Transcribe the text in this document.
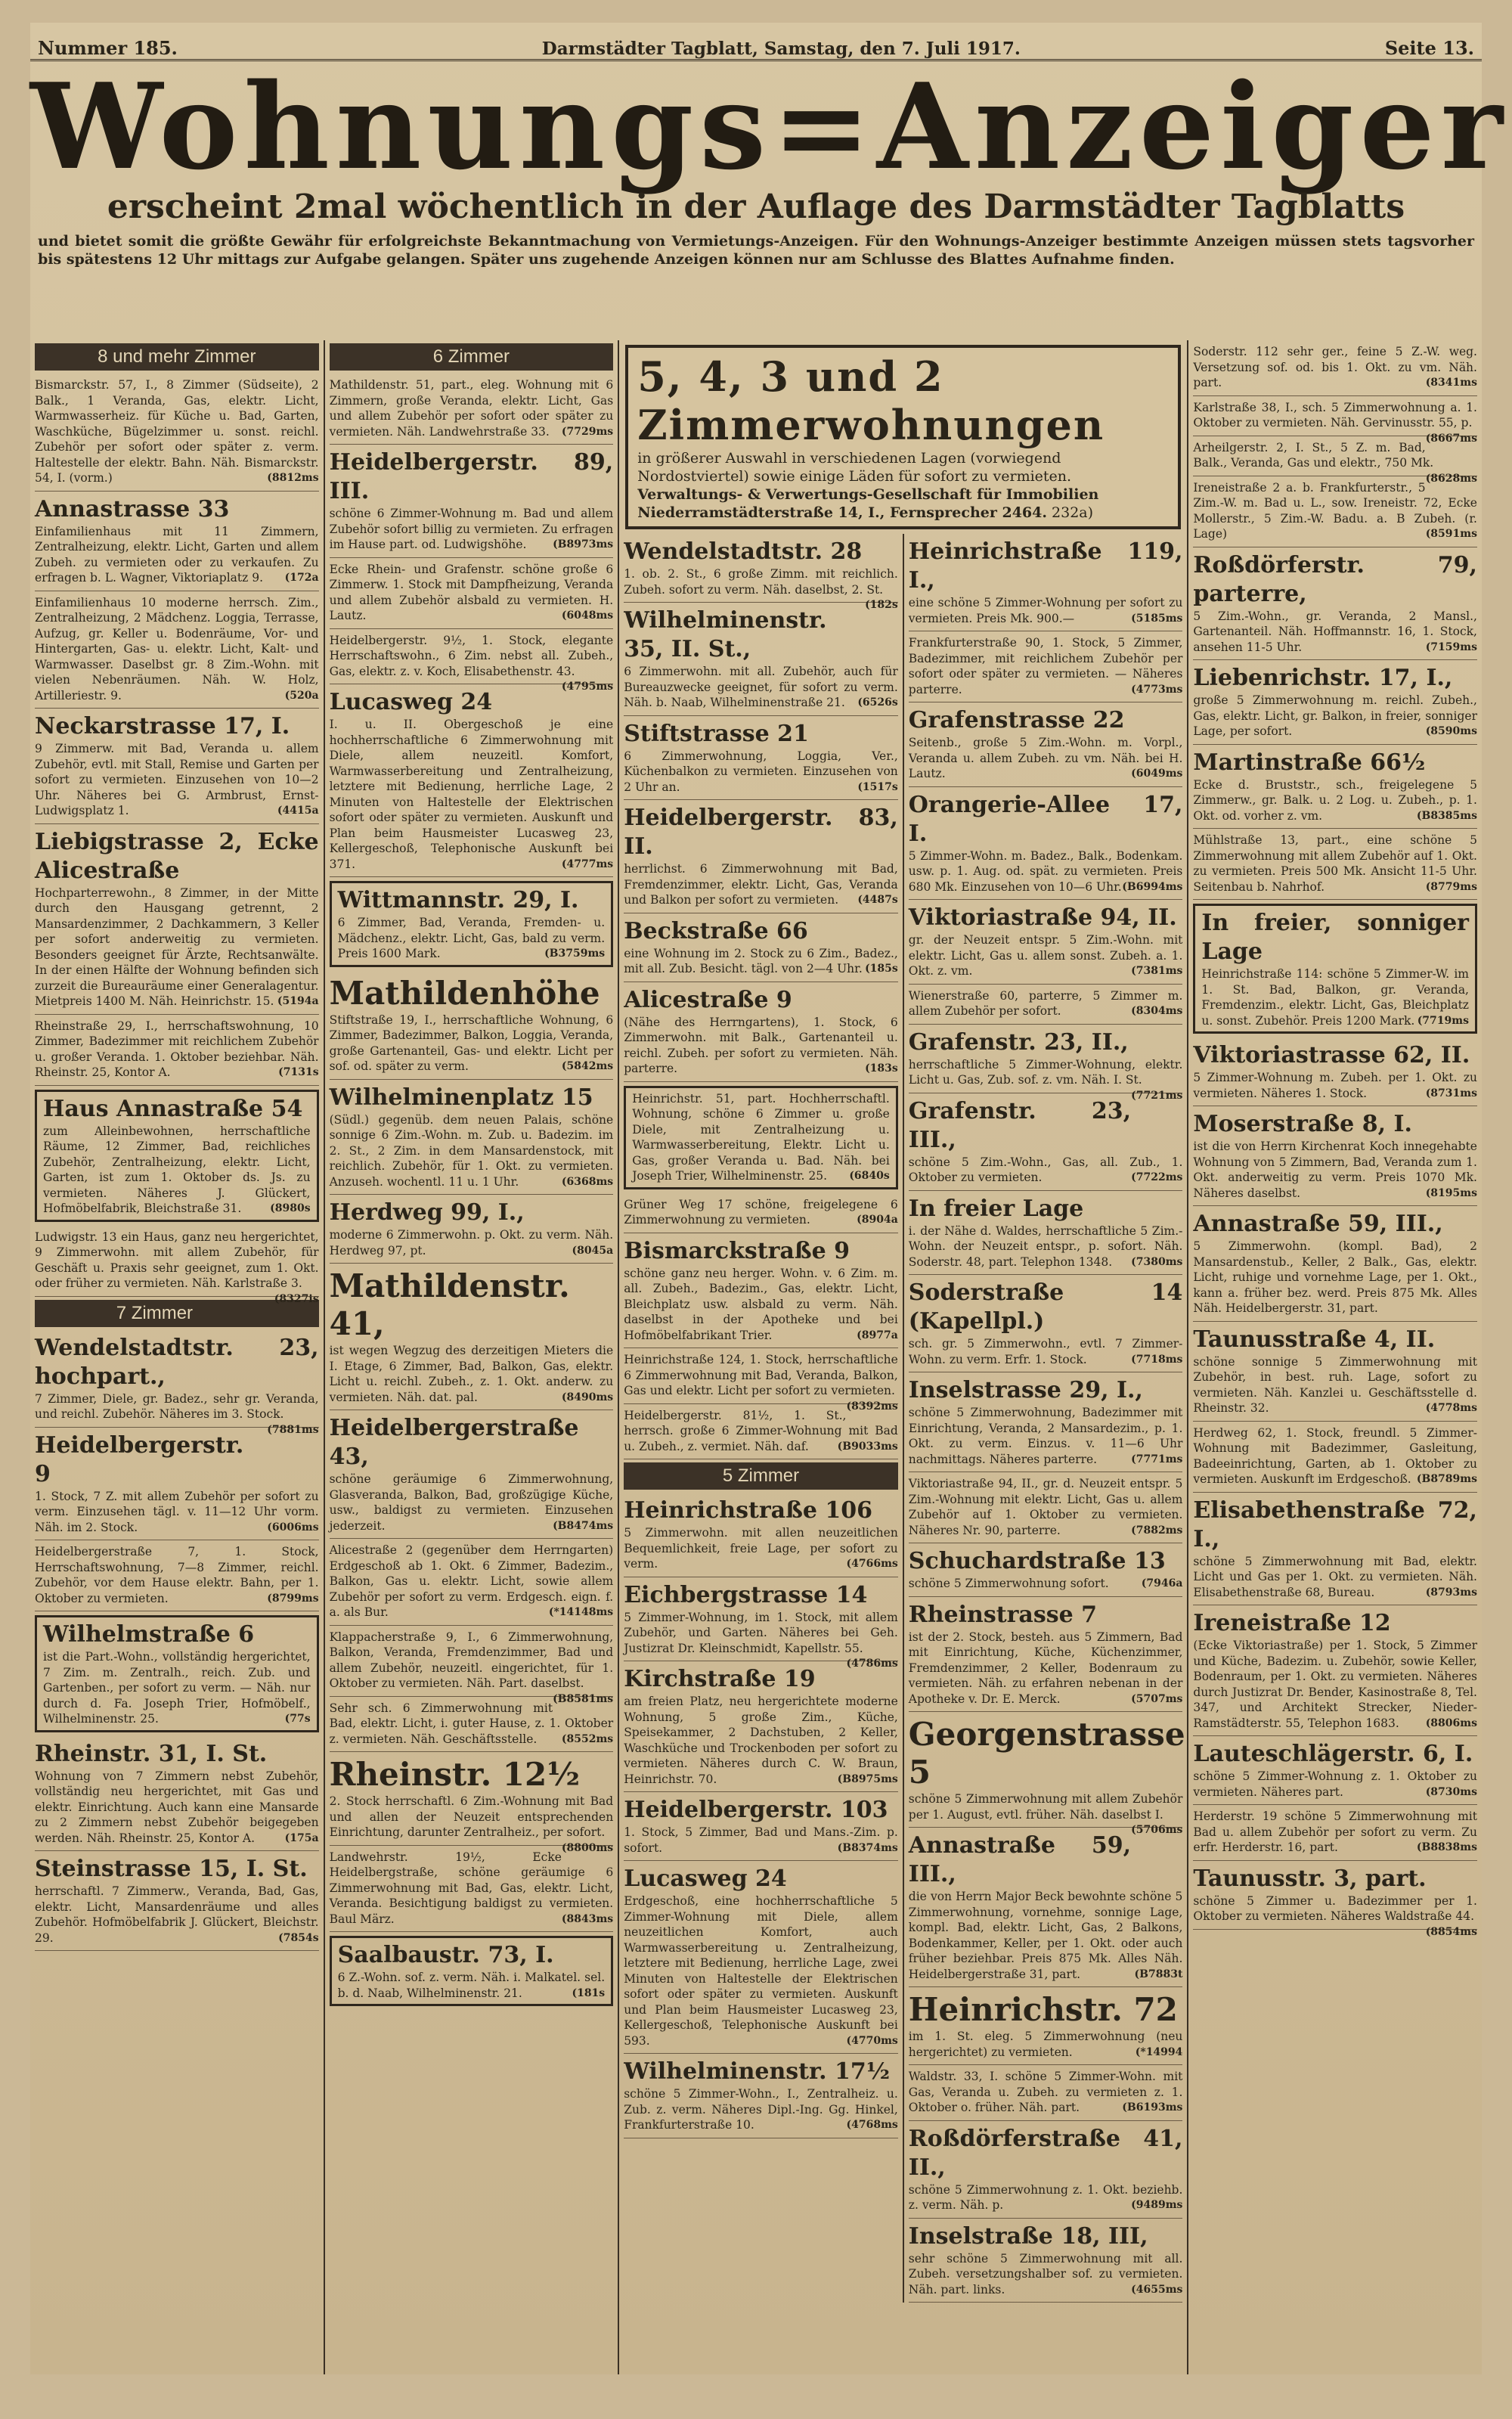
Nummer 185.	Darmstädter Tagblatt, Samstag, den 7. Juli 1917.	Seite 13.
Wohnungs=Anzeiger
erscheint 2mal wöchentlich in der Auflage des Darmstädter Tagblatts
und bietet somit die größte Gewähr für erfolgreichste Bekanntmachung von Vermietungs-Anzeigen. Für den Wohnungs-Anzeiger bestimmte Anzeigen müssen stets tagsvorher bis spätestens 12 Uhr mittags zur Aufgabe gelangen. Später uns zugehende Anzeigen können nur am Schlusse des Blattes Aufnahme finden.
8 und mehr Zimmer
Bismarckstr. 57, I., 8 Zimmer (Südseite), 2 Balk., 1 Veranda, Gas, elektr. Licht, Warmwasserheiz. für Küche u. Bad, Garten, Waschküche, Bügelzimmer u. sonst. reichl. Zubehör per sofort oder später z. verm. Haltestelle der elektr. Bahn. Näh. Bismarckstr. 54, I. (vorm.)	(8812ms
Annastrasse 33
Einfamilienhaus mit 11 Zimmern, Zentralheizung, elektr. Licht, Garten und allem Zubeh. zu vermieten oder zu verkaufen. Zu erfragen b. L. Wagner, Viktoriaplatz 9. (172a
Einfamilienhaus 10 moderne herrsch. Zim., Zentralheizung, 2 Mädchenz. Loggia, Terrasse, Aufzug, gr. Keller u. Bodenräume, Vor- und Hintergarten, Gas- u. elektr. Licht, Kalt- und Warmwasser. Daselbst gr. 8 Zim.-Wohn. mit vielen Nebenräumen. Näh. W. Holz, Artilleriestr. 9.	(520a
Neckarstrasse 17, I.
9 Zimmerw. mit Bad, Veranda u. allem Zubehör, evtl. mit Stall, Remise und Garten per sofort zu vermieten. Einzusehen von 10—2 Uhr. Näheres bei G. Armbrust, Ernst-Ludwigsplatz 1.	(4415a
Liebigstrasse 2, Ecke Alicestraße
Hochparterrewohn., 8 Zimmer, in der Mitte durch den Hausgang getrennt, 2 Mansardenzimmer, 2 Dachkammern, 3 Keller per sofort anderweitig zu vermieten. Besonders geeignet für Ärzte, Rechtsanwälte. In der einen Hälfte der Wohnung befinden sich zurzeit die Bureauräume einer Generalagentur. Mietpreis 1400 M. Näh. Heinrichstr. 15. (5194a
Rheinstraße 29, I., herrschaftswohnung, 10 Zimmer, Badezimmer mit reichlichem Zubehör u. großer Veranda. 1. Oktober beziehbar. Näh. Rheinstr. 25, Kontor A.	(7131s
Haus Annastraße 54
zum Alleinbewohnen, herrschaftliche Räume, 12 Zimmer, Bad, reichliches Zubehör, Zentralheizung, elektr. Licht, Garten, ist zum 1. Oktober ds. Js. zu vermieten. Näheres J. Glückert, Hofmöbelfabrik, Bleichstraße 31.	(8980s
Ludwigstr. 13 ein Haus, ganz neu hergerichtet, 9 Zimmerwohn. mit allem Zubehör, für Geschäft u. Praxis sehr geeignet, zum 1. Okt. oder früher zu vermieten. Näh. Karlstraße 3.
(8327is
7 Zimmer
Wendelstadtstr. 23, hochpart.,
7 Zimmer, Diele, gr. Badez., sehr gr. Veranda, und reichl. Zubehör. Näheres im 3. Stock.
(7881ms
Heidelbergerstr. 9
1. Stock, 7 Z. mit allem Zubehör per sofort zu verm. Einzusehen tägl. v. 11—12 Uhr vorm. Näh. im 2. Stock.	(6006ms
Heidelbergerstraße 7, 1. Stock, Herrschaftswohnung, 7—8 Zimmer, reichl. Zubehör, vor dem Hause elektr. Bahn, per 1. Oktober zu vermieten.	(8799ms
Wilhelmstraße 6
ist die Part.-Wohn., vollständig hergerichtet, 7 Zim. m. Zentralh., reich. Zub. und Gartenben., per sofort zu verm. — Näh. nur durch d. Fa. Joseph Trier, Hofmöbelf., Wilhelminenstr. 25.	(77s
Rheinstr. 31, I. St.
Wohnung von 7 Zimmern nebst Zubehör, vollständig neu hergerichtet, mit Gas und elektr. Einrichtung. Auch kann eine Mansarde zu 2 Zimmern nebst Zubehör beigegeben werden. Näh. Rheinstr. 25, Kontor A.	(175a
Steinstrasse 15, I. St.
herrschaftl. 7 Zimmerw., Veranda, Bad, Gas, elektr. Licht, Mansardenräume und alles Zubehör. Hofmöbelfabrik J. Glückert, Bleichstr. 29.	(7854s
6 Zimmer
Mathildenstr. 51, part., eleg. Wohnung mit 6 Zimmern, große Veranda, elektr. Licht, Gas und allem Zubehör per sofort oder später zu vermieten. Näh. Landwehrstraße 33. (7729ms
Heidelbergerstr. 89, III.
schöne 6 Zimmer-Wohnung m. Bad und allem Zubehör sofort billig zu vermieten. Zu erfragen im Hause part. od. Ludwigshöhe. (B8973ms
Ecke Rhein- und Grafenstr. schöne große 6 Zimmerw. 1. Stock mit Dampfheizung, Veranda und allem Zubehör alsbald zu vermieten. H. Lautz.	(6048ms
Heidelbergerstr. 9½, 1. Stock, elegante Herrschaftswohn., 6 Zim. nebst all. Zubeh., Gas, elektr. z. v. Koch, Elisabethenstr. 43.
(4795ms
Lucasweg 24
I. u. II. Obergeschoß je eine hochherrschaftliche 6 Zimmerwohnung mit Diele, allem neuzeitl. Komfort, Warmwasserbereitung und Zentralheizung, letztere mit Bedienung, herrliche Lage, 2 Minuten von Haltestelle der Elektrischen sofort oder später zu vermieten. Auskunft und Plan beim Hausmeister Lucasweg 23, Kellergeschoß, Telephonische Auskunft bei 371.	(4777ms
Wittmannstr. 29, I.
6 Zimmer, Bad, Veranda, Fremden- u. Mädchenz., elektr. Licht, Gas, bald zu verm. Preis 1600 Mark.	(B3759ms
Mathildenhöhe
Stiftstraße 19, I., herrschaftliche Wohnung, 6 Zimmer, Badezimmer, Balkon, Loggia, Veranda, große Gartenanteil, Gas- und elektr. Licht per sof. od. später zu verm.	(5842ms
Wilhelminenplatz 15
(Südl.) gegenüb. dem neuen Palais, schöne sonnige 6 Zim.-Wohn. m. Zub. u. Badezim. im 2. St., 2 Zim. in dem Mansardenstock, mit reichlich. Zubehör, für 1. Okt. zu vermieten. Anzuseh. wochentl. 11 u. 1 Uhr.	(6368ms
Herdweg 99, I.,
moderne 6 Zimmerwohn. p. Okt. zu verm. Näh. Herdweg 97, pt.	(8045a
Mathildenstr. 41,
ist wegen Wegzug des derzeitigen Mieters die I. Etage, 6 Zimmer, Bad, Balkon, Gas, elektr. Licht u. reichl. Zubeh., z. 1. Okt. anderw. zu vermieten. Näh. dat. pal.	(8490ms
Heidelbergerstraße 43,
schöne geräumige 6 Zimmerwohnung, Glasveranda, Balkon, Bad, großzügige Küche, usw., baldigst zu vermieten. Einzusehen jederzeit.	(B8474ms
Alicestraße 2 (gegenüber dem Herrngarten) Erdgeschoß ab 1. Okt. 6 Zimmer, Badezim., Balkon, Gas u. elektr. Licht, sowie allem Zubehör per sofort zu verm. Erdgesch. eign. f. a. als Bur.	(*14148ms
Klappacherstraße 9, I., 6 Zimmerwohnung, Balkon, Veranda, Fremdenzimmer, Bad und allem Zubehör, neuzeitl. eingerichtet, für 1. Oktober zu vermieten. Näh. Part. daselbst.
(B8581ms
Sehr sch. 6 Zimmerwohnung mit Bad, elektr. Licht, i. guter Hause, z. 1. Oktober z. vermieten. Näh. Geschäftsstelle. (8552ms
Rheinstr. 12½
2. Stock herrschaftl. 6 Zim.-Wohnung mit Bad und allen der Neuzeit entsprechenden Einrichtung, darunter Zentralheiz., per sofort.
(8800ms
Landwehrstr. 19½, Ecke Heidelbergstraße, schöne geräumige 6 Zimmerwohnung mit Bad, Gas, elektr. Licht, Veranda. Besichtigung baldigst zu vermieten. Baul März.	(8843ms
Saalbaustr. 73, I.
6 Z.-Wohn. sof. z. verm. Näh. i. Malkatel. sel. b. d. Naab, Wilhelminenstr. 21.	(181s
5, 4, 3 und 2 Zimmerwohnungen
in größerer Auswahl in verschiedenen Lagen (vorwiegend Nordostviertel) sowie einige Läden für sofort zu vermieten. Verwaltungs- & Verwertungs-Gesellschaft für Immobilien Niederramstädterstraße 14, I., Fernsprecher 2464. 232a)
Wendelstadtstr. 28
1. ob. 2. St., 6 große Zimm. mit reichlich. Zubeh. sofort zu verm. Näh. daselbst, 2. St.
(182s
Wilhelminenstr. 35, II. St.,
6 Zimmerwohn. mit all. Zubehör, auch für Bureauzwecke geeignet, für sofort zu verm. Näh. b. Naab, Wilhelminenstraße 21. (6526s
Stiftstrasse 21
6 Zimmerwohnung, Loggia, Ver., Küchenbalkon zu vermieten. Einzusehen von 2 Uhr an.	(1517s
Heidelbergerstr. 83, II.
herrlichst. 6 Zimmerwohnung mit Bad, Fremdenzimmer, elektr. Licht, Gas, Veranda und Balkon per sofort zu vermieten. (4487s
Beckstraße 66
eine Wohnung im 2. Stock zu 6 Zim., Badez., mit all. Zub. Besicht. tägl. von 2—4 Uhr. (185s
Alicestraße 9
(Nähe des Herrngartens), 1. Stock, 6 Zimmerwohn. mit Balk., Gartenanteil u. reichl. Zubeh. per sofort zu vermieten. Näh. parterre.	(183s
Heinrichstr. 51, part. Hochherrschaftl. Wohnung, schöne 6 Zimmer u. große Diele, mit Zentralheizung u. Warmwasserbereitung, Elektr. Licht u. Gas, großer Veranda u. Bad. Näh. bei Joseph Trier, Wilhelminenstr. 25. (6840s
Grüner Weg 17 schöne, freigelegene 6 Zimmerwohnung zu vermieten.	(8904a
Bismarckstraße 9
schöne ganz neu herger. Wohn. v. 6 Zim. m. all. Zubeh., Badezim., Gas, elektr. Licht, Bleichplatz usw. alsbald zu verm. Näh. daselbst in der Apotheke und bei Hofmöbelfabrikant Trier.	(8977a
Heinrichstraße 124, 1. Stock, herrschaftliche 6 Zimmerwohnung mit Bad, Veranda, Balkon, Gas und elektr. Licht per sofort zu vermieten.
(8392ms
Heidelbergerstr. 81½, 1. St., herrsch. große 6 Zimmer-Wohnung mit Bad u. Zubeh., z. vermiet. Näh. daf.	(B9033ms
5 Zimmer
Heinrichstraße 106
5 Zimmerwohn. mit allen neuzeitlichen Bequemlichkeit, freie Lage, per sofort zu verm.	(4766ms
Eichbergstrasse 14
5 Zimmer-Wohnung, im 1. Stock, mit allem Zubehör, und Garten. Näheres bei Geh. Justizrat Dr. Kleinschmidt, Kapellstr. 55.
(4786ms
Kirchstraße 19
am freien Platz, neu hergerichtete moderne Wohnung, 5 große Zim., Küche, Speisekammer, 2 Dachstuben, 2 Keller, Waschküche und Trockenboden per sofort zu vermieten. Näheres durch C. W. Braun, Heinrichstr. 70.	(B8975ms
Heidelbergerstr. 103
1. Stock, 5 Zimmer, Bad und Mans.-Zim. p. sofort.	(B8374ms
Lucasweg 24
Erdgeschoß, eine hochherrschaftliche 5 Zimmer-Wohnung mit Diele, allem neuzeitlichen Komfort, auch Warmwasserbereitung u. Zentralheizung, letztere mit Bedienung, herrliche Lage, zwei Minuten von Haltestelle der Elektrischen sofort oder später zu vermieten. Auskunft und Plan beim Hausmeister Lucasweg 23, Kellergeschoß, Telephonische Auskunft bei 593.	(4770ms
Wilhelminenstr. 17½
schöne 5 Zimmer-Wohn., I., Zentralheiz. u. Zub. z. verm. Näheres Dipl.-Ing. Gg. Hinkel, Frankfurterstraße 10.	(4768ms
Heinrichstraße 119, I.,
eine schöne 5 Zimmer-Wohnung per sofort zu vermieten. Preis Mk. 900.—	(5185ms
Frankfurterstraße 90, 1. Stock, 5 Zimmer, Badezimmer, mit reichlichem Zubehör per sofort oder später zu vermieten. — Näheres parterre.	(4773ms
Grafenstrasse 22
Seitenb., große 5 Zim.-Wohn. m. Vorpl., Veranda u. allem Zubeh. zu vm. Näh. bei H. Lautz.	(6049ms
Orangerie-Allee 17, I.
5 Zimmer-Wohn. m. Badez., Balk., Bodenkam. usw. p. 1. Aug. od. spät. zu vermieten. Preis 680 Mk. Einzusehen von 10—6 Uhr. (B6994ms
Viktoriastraße 94, II.
gr. der Neuzeit entspr. 5 Zim.-Wohn. mit elektr. Licht, Gas u. allem sonst. Zubeh. a. 1. Okt. z. vm.	(7381ms
Wienerstraße 60, parterre, 5 Zimmer m. allem Zubehör per sofort.	(8304ms
Grafenstr. 23, II.,
herrschaftliche 5 Zimmer-Wohnung, elektr. Licht u. Gas, Zub. sof. z. vm. Näh. I. St.
(7721ms
Grafenstr. 23, III.,
schöne 5 Zim.-Wohn., Gas, all. Zub., 1. Oktober zu vermieten.	(7722ms
In freier Lage
i. der Nähe d. Waldes, herrschaftliche 5 Zim.-Wohn. der Neuzeit entspr., p. sofort. Näh. Soderstr. 48, part. Telephon 1348. (7380ms
Soderstraße 14 (Kapellpl.)
sch. gr. 5 Zimmerwohn., evtl. 7 Zimmer-Wohn. zu verm. Erfr. 1. Stock.	(7718ms
Inselstrasse 29, I.,
schöne 5 Zimmerwohnung, Badezimmer mit Einrichtung, Veranda, 2 Mansardezim., p. 1. Okt. zu verm. Einzus. v. 11—6 Uhr nachmittags. Näheres parterre.	(7771ms
Viktoriastraße 94, II., gr. d. Neuzeit entspr. 5 Zim.-Wohnung mit elektr. Licht, Gas u. allem Zubehör auf 1. Oktober zu vermieten. Näheres Nr. 90, parterre.	(7882ms
Schuchardstraße 13
schöne 5 Zimmerwohnung sofort.	(7946a
Rheinstrasse 7
ist der 2. Stock, besteh. aus 5 Zimmern, Bad mit Einrichtung, Küche, Küchenzimmer, Fremdenzimmer, 2 Keller, Bodenraum zu vermieten. Näh. zu erfahren nebenan in der Apotheke v. Dr. E. Merck.	(5707ms
Georgenstrasse 5
schöne 5 Zimmerwohnung mit allem Zubehör per 1. August, evtl. früher. Näh. daselbst I.
(5706ms
Annastraße 59, III.,
die von Herrn Major Beck bewohnte schöne 5 Zimmerwohnung, vornehme, sonnige Lage, kompl. Bad, elektr. Licht, Gas, 2 Balkons, Bodenkammer, Keller, per 1. Okt. oder auch früher beziehbar. Preis 875 Mk. Alles Näh. Heidelbergerstraße 31, part.	(B7883t
Heinrichstr. 72
im 1. St. eleg. 5 Zimmerwohnung (neu hergerichtet) zu vermieten.	(*14994
Waldstr. 33, I. schöne 5 Zimmer-Wohn. mit Gas, Veranda u. Zubeh. zu vermieten z. 1. Oktober o. früher. Näh. part.	(B6193ms
Roßdörferstraße 41, II.,
schöne 5 Zimmerwohnung z. 1. Okt. beziehb. z. verm. Näh. p.	(9489ms
Inselstraße 18, III,
sehr schöne 5 Zimmerwohnung mit all. Zubeh. versetzungshalber sof. zu vermieten. Näh. part. links.	(4655ms
Soderstr. 112 sehr ger., feine 5 Z.-W. weg. Versetzung sof. od. bis 1. Okt. zu vm. Näh. part.	(8341ms
Karlstraße 38, I., sch. 5 Zimmerwohnung a. 1. Oktober zu vermieten. Näh. Gervinusstr. 55, p.
(8667ms
Arheilgerstr. 2, I. St., 5 Z. m. Bad, Balk., Veranda, Gas und elektr., 750 Mk.
(8628ms
Ireneistraße 2 a. b. Frankfurterstr., 5 Zim.-W. m. Bad u. L., sow. Ireneistr. 72, Ecke Mollerstr., 5 Zim.-W. Badu. a. B Zubeh. (r. Lage)	(8591ms
Roßdörferstr. 79, parterre,
5 Zim.-Wohn., gr. Veranda, 2 Mansl., Gartenanteil. Näh. Hoffmannstr. 16, 1. Stock, ansehen 11-5 Uhr.	(7159ms
Liebenrichstr. 17, I.,
große 5 Zimmerwohnung m. reichl. Zubeh., Gas, elektr. Licht, gr. Balkon, in freier, sonniger Lage, per sofort.	(8590ms
Martinstraße 66½
Ecke d. Bruststr., sch., freigelegene 5 Zimmerw., gr. Balk. u. 2 Log. u. Zubeh., p. 1. Okt. od. vorher z. vm.	(B8385ms
Mühlstraße 13, part., eine schöne 5 Zimmerwohnung mit allem Zubehör auf 1. Okt. zu vermieten. Preis 500 Mk. Ansicht 11-5 Uhr. Seitenbau b. Nahrhof.	(8779ms
In freier, sonniger Lage
Heinrichstraße 114: schöne 5 Zimmer-W. im 1. St. Bad, Balkon, gr. Veranda, Fremdenzim., elektr. Licht, Gas, Bleichplatz u. sonst. Zubehör. Preis 1200 Mark. (7719ms
Viktoriastrasse 62, II.
5 Zimmer-Wohnung m. Zubeh. per 1. Okt. zu vermieten. Näheres 1. Stock.	(8731ms
Moserstraße 8, I.
ist die von Herrn Kirchenrat Koch innegehabte Wohnung von 5 Zimmern, Bad, Veranda zum 1. Okt. anderweitig zu verm. Preis 1070 Mk. Näheres daselbst.	(8195ms
Annastraße 59, III.,
5 Zimmerwohn. (kompl. Bad), 2 Mansardenstub., Keller, 2 Balk., Gas, elektr. Licht, ruhige und vornehme Lage, per 1. Okt., kann a. früher bez. werd. Preis 875 Mk. Alles Näh. Heidelbergerstr. 31, part.
Taunusstraße 4, II.
schöne sonnige 5 Zimmerwohnung mit Zubehör, in best. ruh. Lage, sofort zu vermieten. Näh. Kanzlei u. Geschäftsstelle d. Rheinstr. 32.	(4778ms
Herdweg 62, 1. Stock, freundl. 5 Zimmer-Wohnung mit Badezimmer, Gasleitung, Badeeinrichtung, Garten, ab 1. Oktober zu vermieten. Auskunft im Erdgeschoß. (B8789ms
Elisabethenstraße 72, I.,
schöne 5 Zimmerwohnung mit Bad, elektr. Licht und Gas per 1. Okt. zu vermieten. Näh. Elisabethenstraße 68, Bureau.	(8793ms
Ireneistraße 12
(Ecke Viktoriastraße) per 1. Stock, 5 Zimmer und Küche, Badezim. u. Zubehör, sowie Keller, Bodenraum, per 1. Okt. zu vermieten. Näheres durch Justizrat Dr. Bender, Kasinostraße 8, Tel. 347, und Architekt Strecker, Nieder-Ramstädterstr. 55, Telephon 1683. (8806ms
Lauteschlägerstr. 6, I.
schöne 5 Zimmer-Wohnung z. 1. Oktober zu vermieten. Näheres part.	(8730ms
Herderstr. 19 schöne 5 Zimmerwohnung mit Bad u. allem Zubehör per sofort zu verm. Zu erfr. Herderstr. 16, part.	(B8838ms
Taunusstr. 3, part.
schöne 5 Zimmer u. Badezimmer per 1. Oktober zu vermieten. Näheres Waldstraße 44.
(8854ms
